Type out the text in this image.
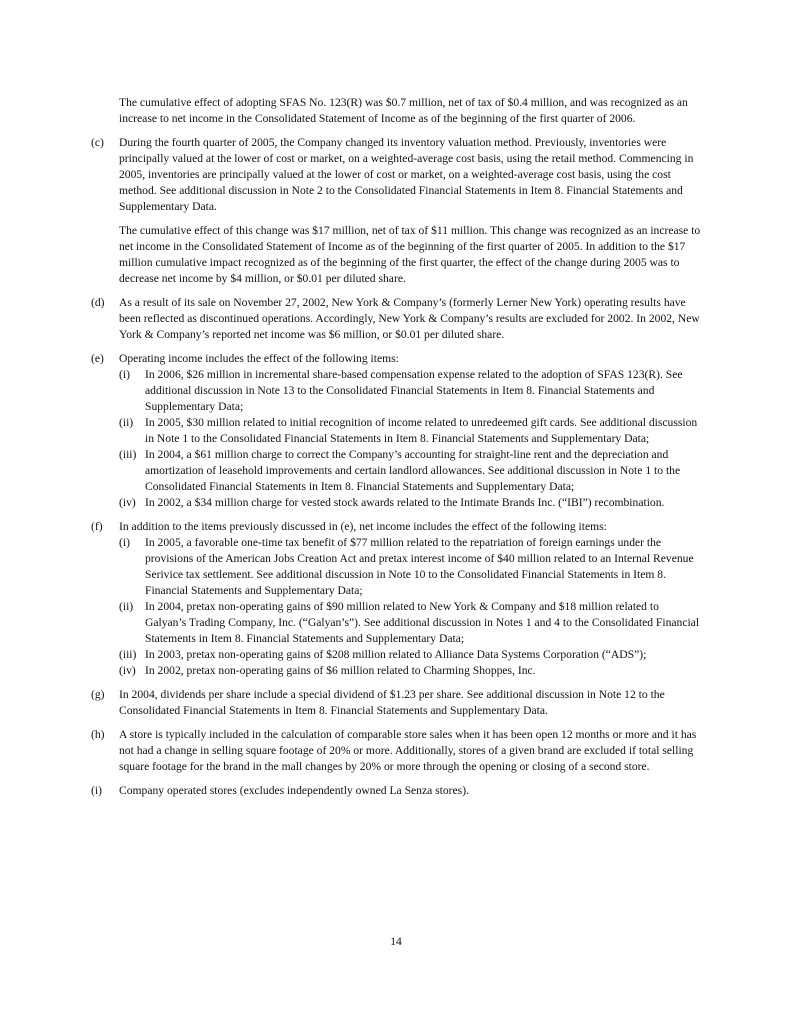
The cumulative effect of adopting SFAS No. 123(R) was $0.7 million, net of tax of $0.4 million, and was recognized as an increase to net income in the Consolidated Statement of Income as of the beginning of the first quarter of 2006.

(c)	During the fourth quarter of 2005, the Company changed its inventory valuation method. Previously, inventories were principally valued at the lower of cost or market, on a weighted-average cost basis, using the retail method. Commencing in 2005, inventories are principally valued at the lower of cost or market, on a weighted-average cost basis, using the cost method. See additional discussion in Note 2 to the Consolidated Financial Statements in Item 8. Financial Statements and Supplementary Data.

The cumulative effect of this change was $17 million, net of tax of $11 million. This change was recognized as an increase to net income in the Consolidated Statement of Income as of the beginning of the first quarter of 2005. In addition to the $17 million cumulative impact recognized as of the beginning of the first quarter, the effect of the change during 2005 was to decrease net income by $4 million, or $0.01 per diluted share.

(d)	As a result of its sale on November 27, 2002, New York & Company’s (formerly Lerner New York) operating results have been reflected as discontinued operations. Accordingly, New York & Company’s results are excluded for 2002. In 2002, New York & Company’s reported net income was $6 million, or $0.01 per diluted share.

(e)	Operating income includes the effect of the following items:

(i)	In 2006, $26 million in incremental share-based compensation expense related to the adoption of SFAS 123(R). See additional discussion in Note 13 to the Consolidated Financial Statements in Item 8. Financial Statements and Supplementary Data;
(ii)	In 2005, $30 million related to initial recognition of income related to unredeemed gift cards. See additional discussion in Note 1 to the Consolidated Financial Statements in Item 8. Financial Statements and Supplementary Data;
(iii) In 2004, a $61 million charge to correct the Company’s accounting for straight-line rent and the depreciation and amortization of leasehold improvements and certain landlord allowances. See additional discussion in Note 1 to the Consolidated Financial Statements in Item 8. Financial Statements and Supplementary Data;
(iv) In 2002, a $34 million charge for vested stock awards related to the Intimate Brands Inc. (“IBI”) recombination.
(f)	In addition to the items previously discussed in (e), net income includes the effect of the following items:

(i)	In 2005, a favorable one-time tax benefit of $77 million related to the repatriation of foreign earnings under the provisions of the American Jobs Creation Act and pretax interest income of $40 million related to an Internal Revenue Serivice tax settlement. See additional discussion in Note 10 to the Consolidated Financial Statements in Item 8. Financial Statements and Supplementary Data;
(ii)	In 2004, pretax non-operating gains of $90 million related to New York & Company and $18 million related to Galyan’s Trading Company, Inc. (“Galyan’s”). See additional discussion in Notes 1 and 4 to the Consolidated Financial Statements in Item 8. Financial Statements and Supplementary Data;
(iii) In 2003, pretax non-operating gains of $208 million related to Alliance Data Systems Corporation (“ADS”);
(iv) In 2002, pretax non-operating gains of $6 million related to Charming Shoppes, Inc.
(g)	In 2004, dividends per share include a special dividend of $1.23 per share. See additional discussion in Note 12 to the Consolidated Financial Statements in Item 8. Financial Statements and Supplementary Data.

(h)	A store is typically included in the calculation of comparable store sales when it has been open 12 months or more and it has not had a change in selling square footage of 20% or more. Additionally, stores of a given brand are excluded if total selling square footage for the brand in the mall changes by 20% or more through the opening or closing of a second store.

(i)	Company operated stores (excludes independently owned La Senza stores).

14
